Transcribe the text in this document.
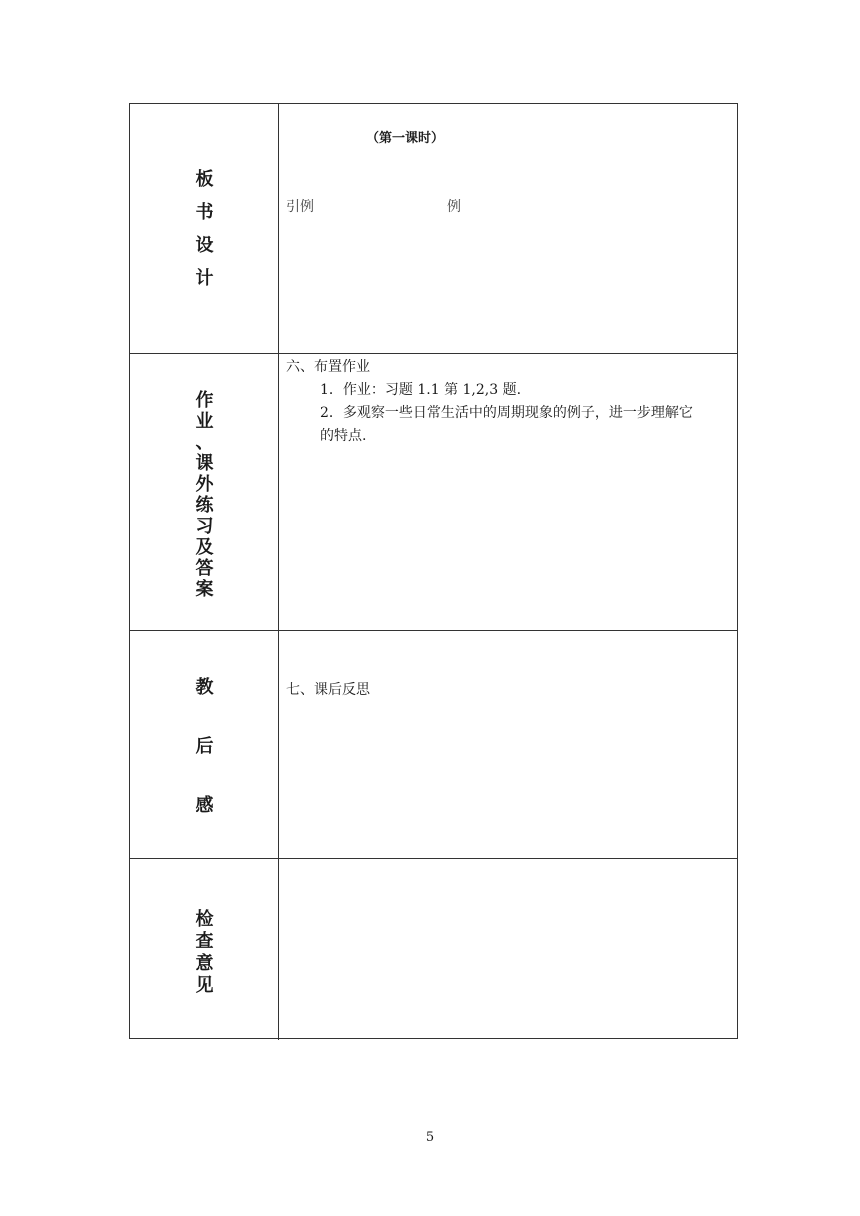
板
书
设
计
（第一课时）
引例	例
作
业
、
课
外
练
习
及
答
案
六、布置作业
1．作业：习题 1.1 第 1,2,3 题.
2．多观察一些日常生活中的周期现象的例子，进一步理解它
的特点.
教
后
感
七、课后反思
检
查
意
见
5
